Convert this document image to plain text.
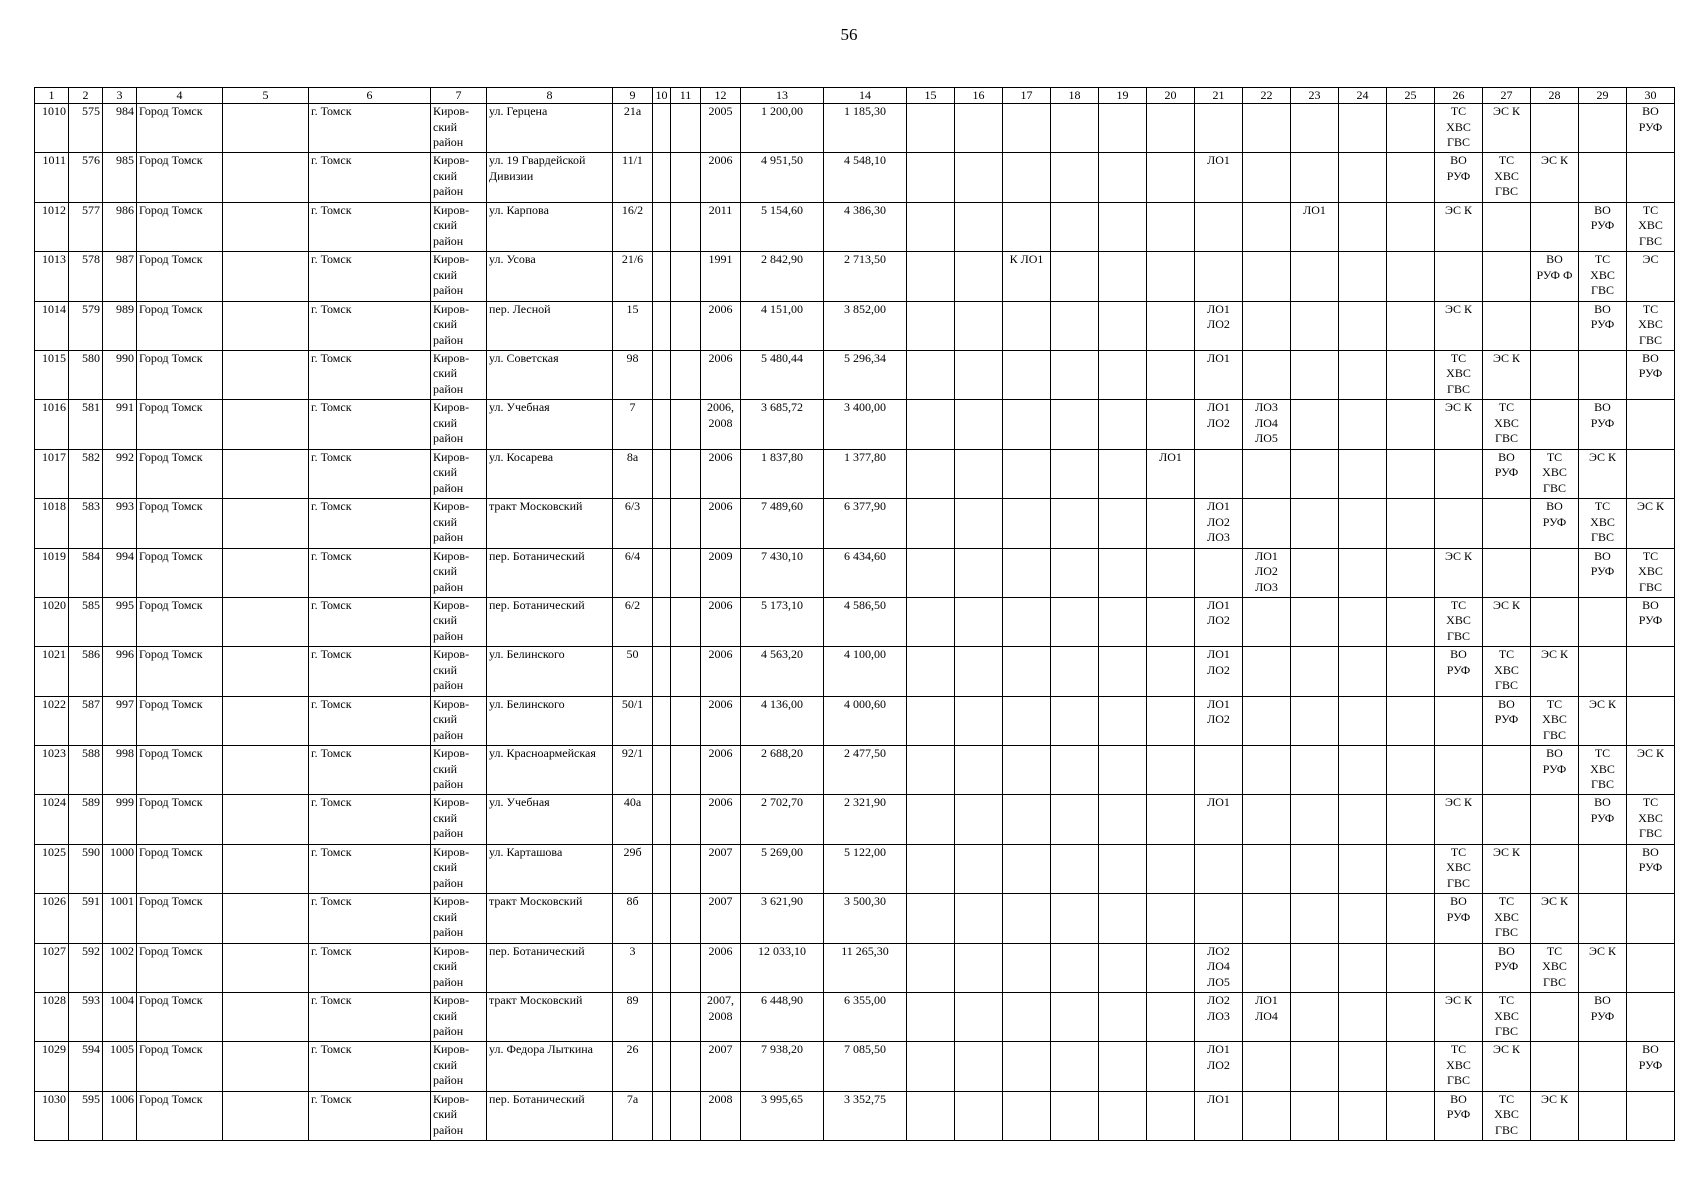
56
1	2	3	4	5	6	7	8	9	10	11	12	13	14	15	16	17	18	19	20	21	22	23	24	25	26	27	28	29	30
1010	575	984	Город Томск		г. Томск	Киров-
ский
район	ул. Герцена	21а			2005	1 200,00	1 185,30												ТС
ХВС
ГВС	ЭС К			ВО
РУФ
1011	576	985	Город Томск		г. Томск	Киров-
ский
район	ул. 19 Гвардейской
Дивизии	11/1			2006	4 951,50	4 548,10							ЛО1					ВО
РУФ	ТС
ХВС
ГВС	ЭС К		
1012	577	986	Город Томск		г. Томск	Киров-
ский
район	ул. Карпова	16/2			2011	5 154,60	4 386,30									ЛО1			ЭС К			ВО
РУФ	ТС
ХВС
ГВС
1013	578	987	Город Томск		г. Томск	Киров-
ский
район	ул. Усова	21/6			1991	2 842,90	2 713,50			К ЛО1											ВО
РУФ Ф	ТС
ХВС
ГВС	ЭС
1014	579	989	Город Томск		г. Томск	Киров-
ский
район	пер. Лесной	15			2006	4 151,00	3 852,00							ЛО1
ЛО2					ЭС К			ВО
РУФ	ТС
ХВС
ГВС
1015	580	990	Город Томск		г. Томск	Киров-
ский
район	ул. Советская	98			2006	5 480,44	5 296,34							ЛО1					ТС
ХВС
ГВС	ЭС К			ВО
РУФ
1016	581	991	Город Томск		г. Томск	Киров-
ский
район	ул. Учебная	7			2006,
2008	3 685,72	3 400,00							ЛО1
ЛО2	ЛО3
ЛО4
ЛО5				ЭС К	ТС
ХВС
ГВС		ВО
РУФ	
1017	582	992	Город Томск		г. Томск	Киров-
ский
район	ул. Косарева	8а			2006	1 837,80	1 377,80						ЛО1							ВО
РУФ	ТС
ХВС
ГВС	ЭС К	
1018	583	993	Город Томск		г. Томск	Киров-
ский
район	тракт Московский	6/3			2006	7 489,60	6 377,90							ЛО1
ЛО2
ЛО3							ВО
РУФ	ТС
ХВС
ГВС	ЭС К
1019	584	994	Город Томск		г. Томск	Киров-
ский
район	пер. Ботанический	6/4			2009	7 430,10	6 434,60								ЛО1
ЛО2
ЛО3				ЭС К			ВО
РУФ	ТС
ХВС
ГВС
1020	585	995	Город Томск		г. Томск	Киров-
ский
район	пер. Ботанический	6/2			2006	5 173,10	4 586,50							ЛО1
ЛО2					ТС
ХВС
ГВС	ЭС К			ВО
РУФ
1021	586	996	Город Томск		г. Томск	Киров-
ский
район	ул. Белинского	50			2006	4 563,20	4 100,00							ЛО1
ЛО2					ВО
РУФ	ТС
ХВС
ГВС	ЭС К		
1022	587	997	Город Томск		г. Томск	Киров-
ский
район	ул. Белинского	50/1			2006	4 136,00	4 000,60							ЛО1
ЛО2						ВО
РУФ	ТС
ХВС
ГВС	ЭС К	
1023	588	998	Город Томск		г. Томск	Киров-
ский
район	ул. Красноармейская	92/1			2006	2 688,20	2 477,50														ВО
РУФ	ТС
ХВС
ГВС	ЭС К
1024	589	999	Город Томск		г. Томск	Киров-
ский
район	ул. Учебная	40а			2006	2 702,70	2 321,90							ЛО1					ЭС К			ВО
РУФ	ТС
ХВС
ГВС
1025	590	1000	Город Томск		г. Томск	Киров-
ский
район	ул. Карташова	29б			2007	5 269,00	5 122,00												ТС
ХВС
ГВС	ЭС К			ВО
РУФ
1026	591	1001	Город Томск		г. Томск	Киров-
ский
район	тракт Московский	8б			2007	3 621,90	3 500,30												ВО
РУФ	ТС
ХВС
ГВС	ЭС К		
1027	592	1002	Город Томск		г. Томск	Киров-
ский
район	пер. Ботанический	3			2006	12 033,10	11 265,30							ЛО2
ЛО4
ЛО5						ВО
РУФ	ТС
ХВС
ГВС	ЭС К	
1028	593	1004	Город Томск		г. Томск	Киров-
ский
район	тракт Московский	89			2007,
2008	6 448,90	6 355,00							ЛО2
ЛО3	ЛО1
ЛО4				ЭС К	ТС
ХВС
ГВС		ВО
РУФ	
1029	594	1005	Город Томск		г. Томск	Киров-
ский
район	ул. Федора Лыткина	26			2007	7 938,20	7 085,50							ЛО1
ЛО2					ТС
ХВС
ГВС	ЭС К			ВО
РУФ
1030	595	1006	Город Томск		г. Томск	Киров-
ский
район	пер. Ботанический	7а			2008	3 995,65	3 352,75							ЛО1					ВО
РУФ	ТС
ХВС
ГВС	ЭС К		
